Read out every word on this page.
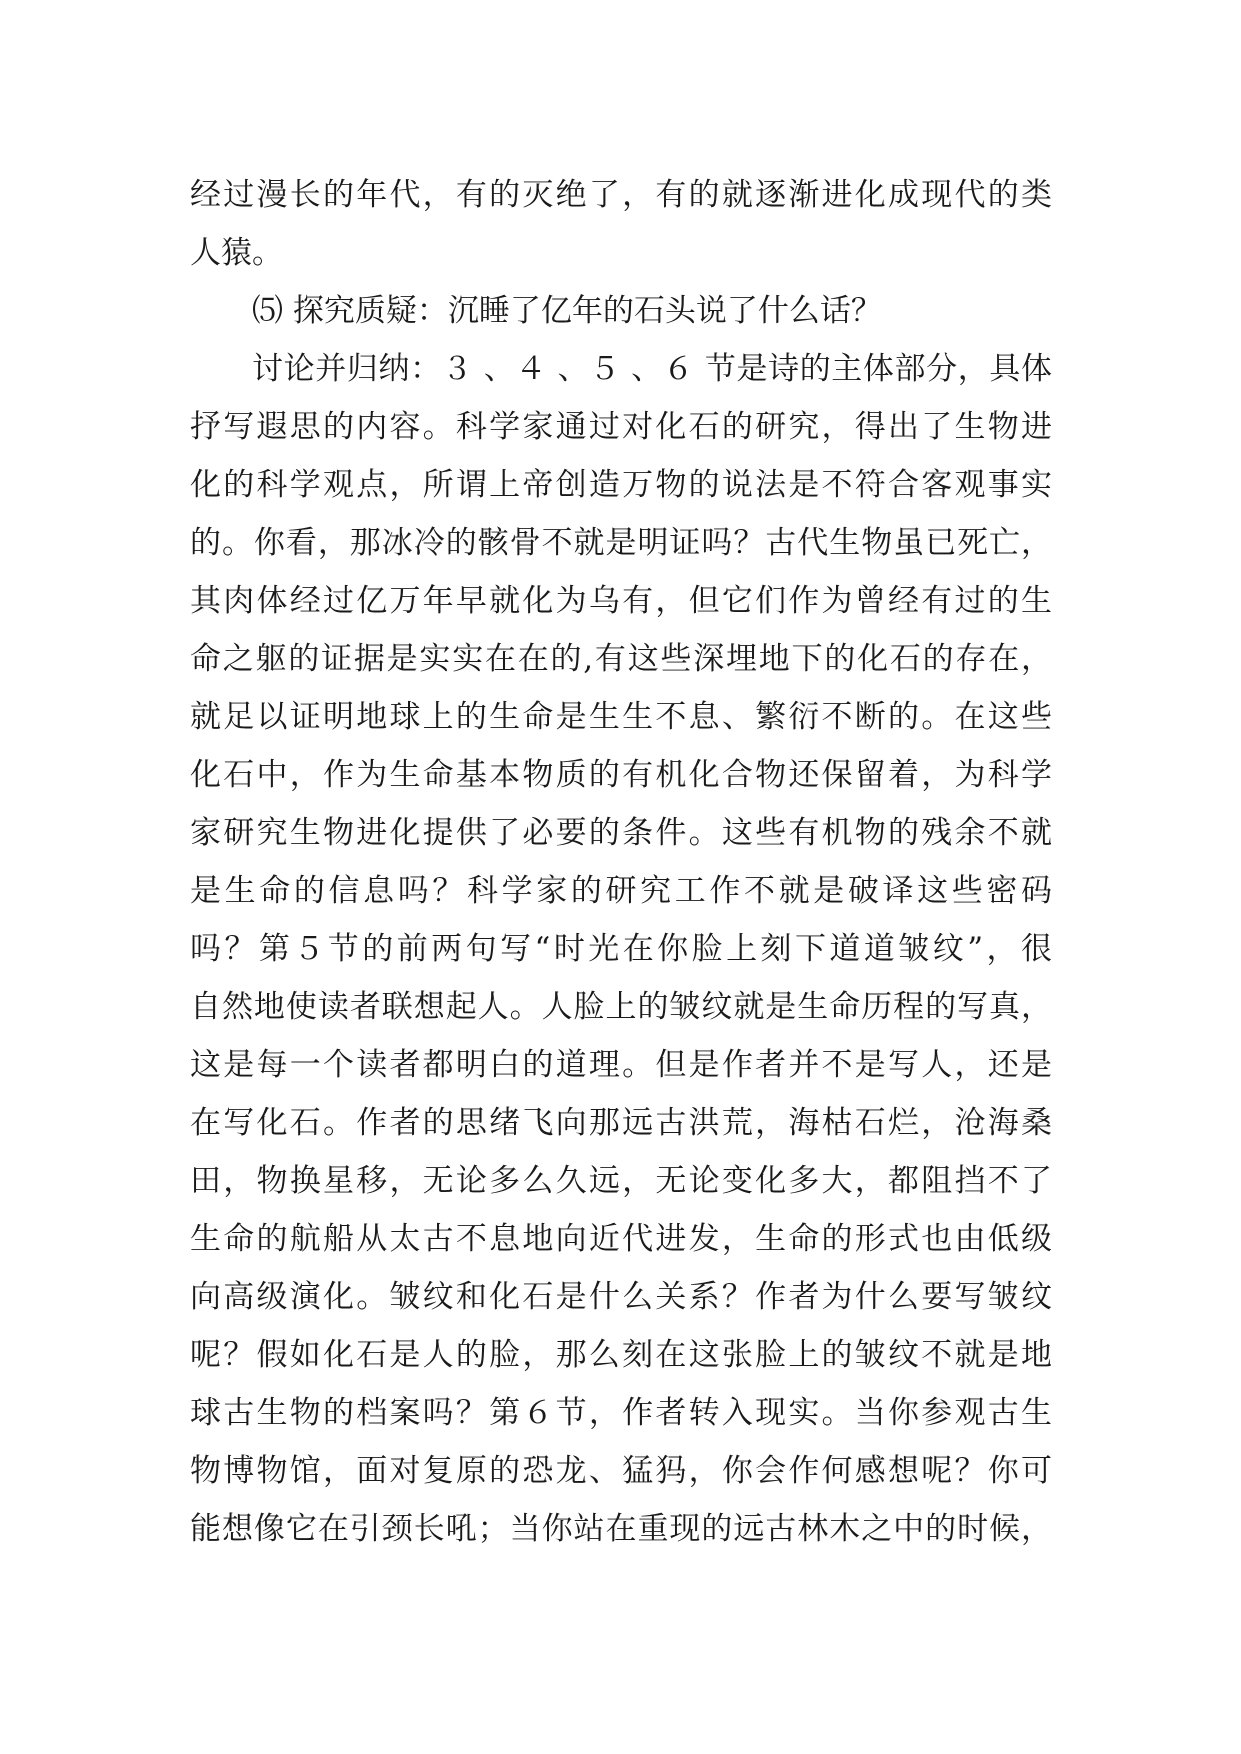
经过漫长的年代，有的灭绝了，有的就逐渐进化成现代的类
人猿。
⑸ 探究质疑：沉睡了亿年的石头说了什么话？
讨论并归纳：３ 、４ 、５ 、６ 节是诗的主体部分，具体
抒写遐思的内容。科学家通过对化石的研究，得出了生物进
化的科学观点，所谓上帝创造万物的说法是不符合客观事实
的。你看，那冰冷的骸骨不就是明证吗？古代生物虽已死亡，
其肉体经过亿万年早就化为乌有，但它们作为曾经有过的生
命之躯的证据是实实在在的,有这些深埋地下的化石的存在，
就足以证明地球上的生命是生生不息、繁衍不断的。在这些
化石中，作为生命基本物质的有机化合物还保留着，为科学
家研究生物进化提供了必要的条件。这些有机物的残余不就
是生命的信息吗？科学家的研究工作不就是破译这些密码
吗？第５节的前两句写“时光在你脸上刻下道道皱纹”，很
自然地使读者联想起人。人脸上的皱纹就是生命历程的写真，
这是每一个读者都明白的道理。但是作者并不是写人，还是
在写化石。作者的思绪飞向那远古洪荒，海枯石烂，沧海桑
田，物换星移，无论多么久远，无论变化多大，都阻挡不了
生命的航船从太古不息地向近代进发，生命的形式也由低级
向高级演化。皱纹和化石是什么关系？作者为什么要写皱纹
呢？假如化石是人的脸，那么刻在这张脸上的皱纹不就是地
球古生物的档案吗？第６节，作者转入现实。当你参观古生
物博物馆，面对复原的恐龙、猛犸，你会作何感想呢？你可
能想像它在引颈长吼；当你站在重现的远古林木之中的时候，
